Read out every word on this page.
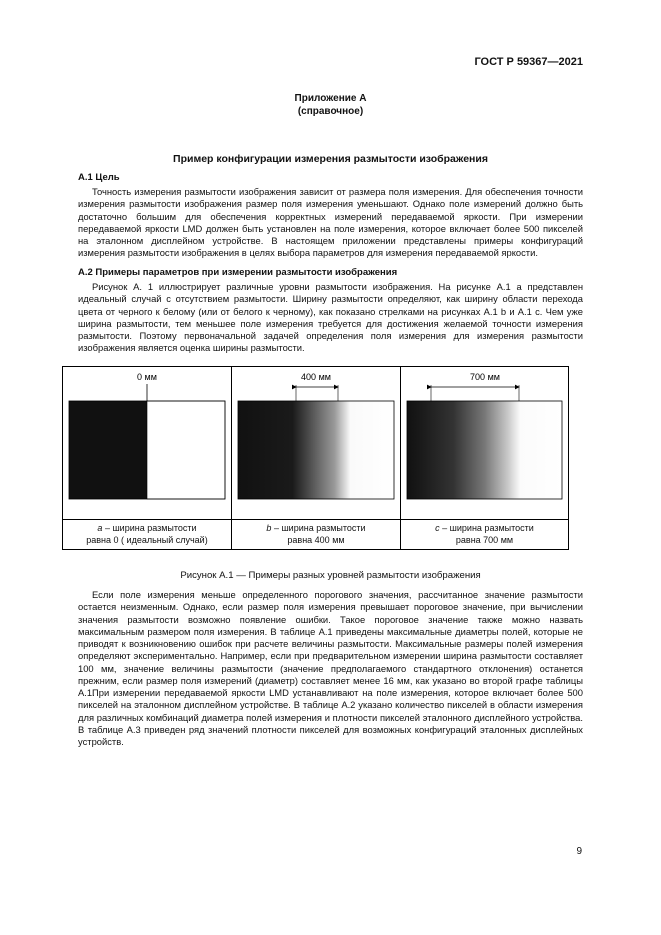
ГОСТ Р 59367—2021
Приложение А
(справочное)
Пример конфигурации измерения размытости изображения
А.1 Цель

Точность измерения размытости изображения зависит от размера поля измерения. Для обеспечения точности измерения размытости изображения размер поля измерения уменьшают. Однако поле измерений должно быть достаточно большим для обеспечения корректных измерений передаваемой яркости. При измерении передаваемой яркости LMD должен быть установлен на поле измерения, которое включает более 500 пикселей на эталонном дисплейном устройстве. В настоящем приложении представлены примеры конфигураций измерения размытости изображения в целях выбора параметров для измерения передаваемой яркости.

А.2 Примеры параметров при измерении размытости изображения

Рисунок А. 1 иллюстрирует различные уровни размытости изображения. На рисунке А.1 a представлен идеальный случай с отсутствием размытости. Ширину размытости определяют, как ширину области перехода цвета от черного к белому (или от белого к черному), как показано стрелками на рисунках А.1 b и А.1 c. Чем уже ширина размытости, тем меньшее поле измерения требуется для достижения желаемой точности измерения размытости. Поэтому первоначальной задачей определения поля измерения для измерения размытости изображения является оценка ширины размытости.

0 мм	400 мм	700 мм
а – ширина размытости
равна 0 ( идеальный случай)
b – ширина размытости
равна 400 мм
c – ширина размытости
равна 700 мм
Рисунок А.1 — Примеры разных уровней размытости изображения

Если поле измерения меньше определенного порогового значения, рассчитанное значение размытости остается неизменным. Однако, если размер поля измерения превышает пороговое значение, при вычислении значения размытости возможно появление ошибки. Такое пороговое значение также можно назвать максимальным размером поля измерения. В таблице А.1 приведены максимальные диаметры полей, которые не приводят к возникновению ошибок при расчете величины размытости. Максимальные размеры полей измерения определяют экспериментально. Например, если при предварительном измерении ширина размытости составляет 100 мм, значение величины размытости (значение предполагаемого стандартного отклонения) останется прежним, если размер поля измерений (диаметр) составляет менее 16 мм, как указано во второй графе таблицы А.1.

При измерении передаваемой яркости LMD устанавливают на поле измерения, которое включает более 500 пикселей на эталонном дисплейном устройстве. В таблице А.2 указано количество пикселей в области измерения для различных комбинаций диаметра полей измерения и плотности пикселей эталонного дисплейного устройства. В таблице А.3 приведен ряд значений плотности пикселей для возможных конфигураций эталонных дисплейных устройств.

9
